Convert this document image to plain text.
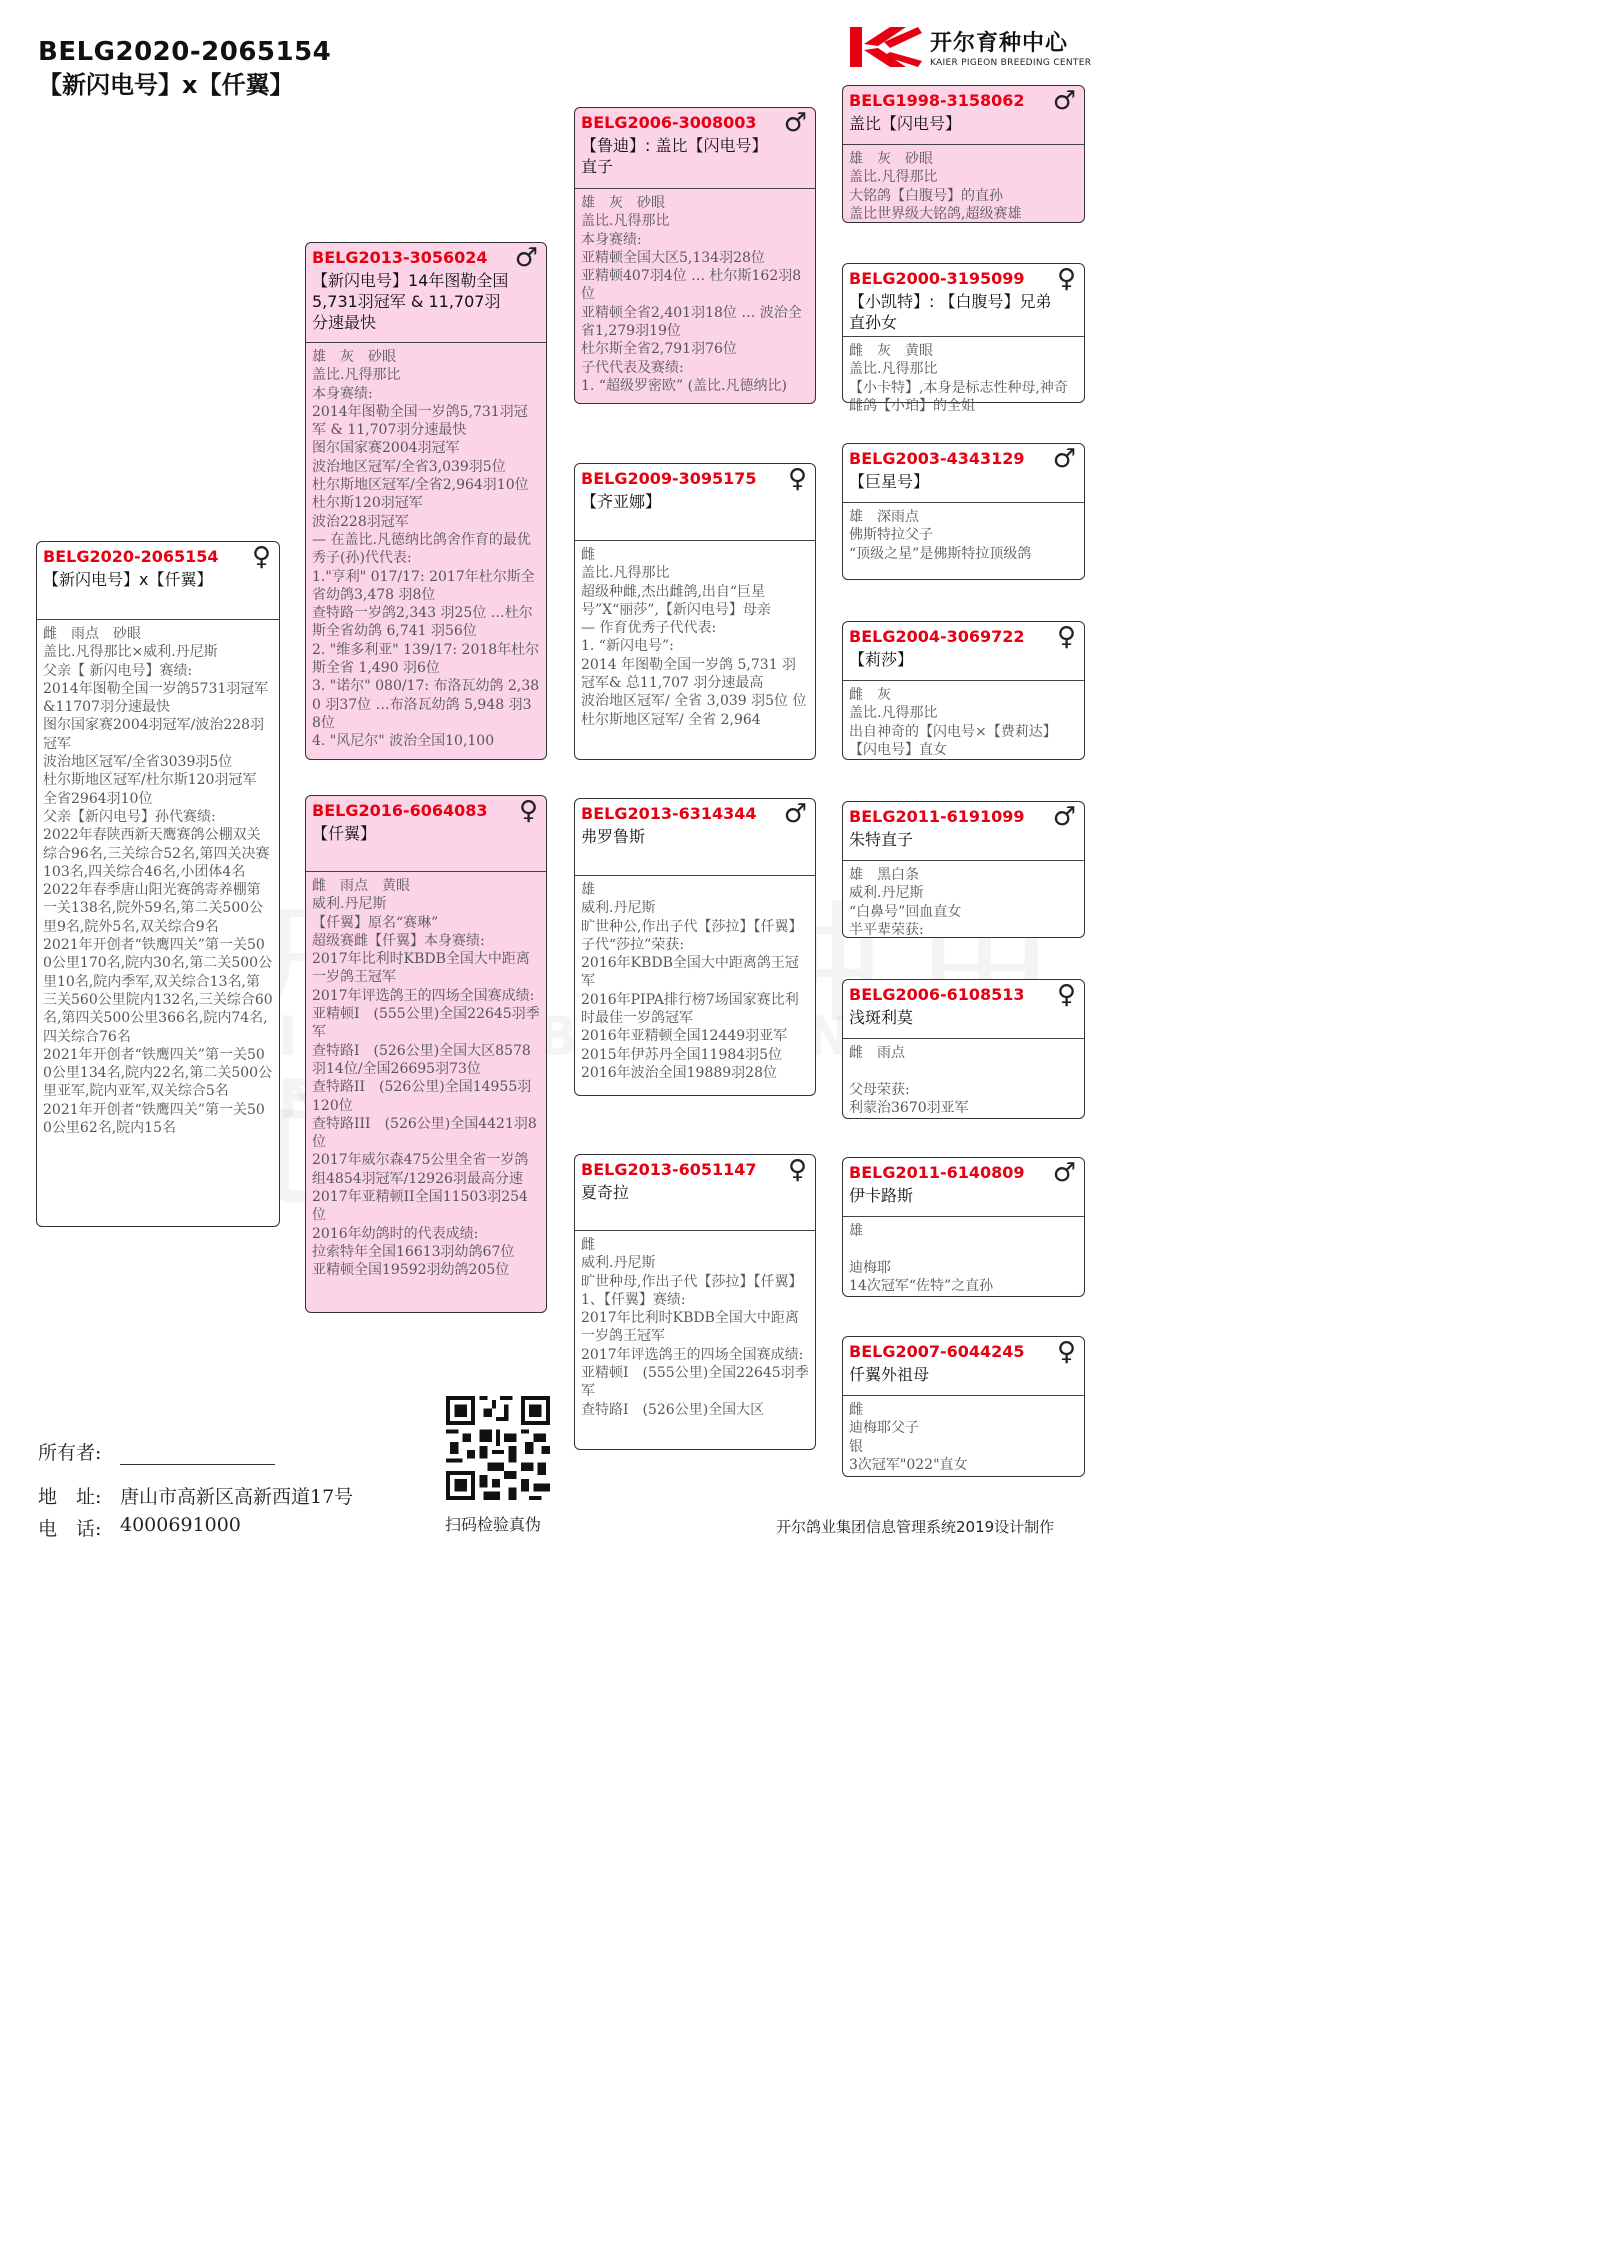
BELG2020-2065154
【新闪电号】x【仟翼】
开尔育种中心
KAIER PIGEON BREEDING CENTER
BELG2020-2065154	♀
【新闪电号】x【仟翼】
雌　雨点　砂眼
盖比.凡得那比×威利.丹尼斯
父亲【 新闪电号】赛绩:
2014年图勒全国一岁鸽5731羽冠军&11707羽分速最快
图尔国家赛2004羽冠军/波治228羽冠军
波治地区冠军/全省3039羽5位
杜尔斯地区冠军/杜尔斯120羽冠军
全省2964羽10位
父亲【新闪电号】孙代赛绩:
2022年春陕西新天鹰赛鸽公棚双关综合96名,三关综合52名,第四关决赛103名,四关综合46名,小团体4名
2022年春季唐山阳光赛鸽寄养棚第一关138名,院外59名,第二关500公里9名,院外5名,双关综合9名
2021年开创者“铁鹰四关”第一关500公里170名,院内30名,第二关500公里10名,院内季军,双关综合13名,第三关560公里院内132名,三关综合60名,第四关500公里366名,院内74名,四关综合76名
2021年开创者“铁鹰四关”第一关500公里134名,院内22名,第二关500公里亚军,院内亚军,双关综合5名
2021年开创者“铁鹰四关”第一关500公里62名,院内15名
BELG2013-3056024	♂
【新闪电号】14年图勒全国5,731羽冠军 & 11,707羽分速最快
雄　灰　砂眼
盖比.凡得那比
本身赛绩:
2014年图勒全国一岁鸽5,731羽冠军 & 11,707羽分速最快
图尔国家赛2004羽冠军
波治地区冠军/全省3,039羽5位
杜尔斯地区冠军/全省2,964羽10位
杜尔斯120羽冠军
波治228羽冠军
— 在盖比.凡德纳比鸽舍作育的最优秀子(孙)代代表:
1."亨利" 017/17: 2017年杜尔斯全省幼鸽3,478 羽8位
查特路一岁鸽2,343 羽25位 …杜尔斯全省幼鸽 6,741 羽56位
2. "维多利亚" 139/17: 2018年杜尔斯全省 1,490 羽6位
3. "诺尔" 080/17: 布洛瓦幼鸽 2,380 羽37位 …布洛瓦幼鸽 5,948 羽38位
4. "风尼尔" 波治全国10,100
BELG2016-6064083	♀
【仟翼】
雌　雨点　黄眼
威利.丹尼斯
【仟翼】原名“赛琳”
超级赛雌【仟翼】本身赛绩:
2017年比利时KBDB全国大中距离一岁鸽王冠军
2017年评选鸽王的四场全国赛成绩:
亚精顿I　(555公里)全国22645羽季军
查特路I　(526公里)全国大区8578羽14位/全国26695羽73位
查特路II　(526公里)全国14955羽120位
查特路III　(526公里)全国4421羽8位
2017年威尔森475公里全省一岁鸽组4854羽冠军/12926羽最高分速
2017年亚精顿II全国11503羽254位
2016年幼鸽时的代表成绩:
拉索特年全国16613羽幼鸽67位
亚精顿全国19592羽幼鸽205位
BELG2006-3008003	♂
【鲁迪】: 盖比【闪电号】直子
雄　灰　砂眼
盖比.凡得那比
本身赛绩:
亚精顿全国大区5,134羽28位
亚精顿407羽4位 … 杜尔斯162羽8位
亚精顿全省2,401羽18位 … 波治全省1,279羽19位
杜尔斯全省2,791羽76位
子代代表及赛绩:
1. “超级罗密欧” (盖比.凡德纳比)
BELG2009-3095175	♀
【齐亚娜】
雌
盖比.凡得那比
超级种雌,杰出雌鸽,出自“巨星号”X“丽莎”,【新闪电号】母亲
— 作育优秀子代代表:
1. “新闪电号”:
2014 年图勒全国一岁鸽 5,731 羽冠军& 总11,707 羽分速最高
波治地区冠军/ 全省 3,039 羽5位 位
杜尔斯地区冠军/ 全省 2,964
BELG2013-6314344	♂
弗罗鲁斯
雄
威利.丹尼斯
旷世种公,作出子代【莎拉】【仟翼】
子代“莎拉”荣获:
2016年KBDB全国大中距离鸽王冠军
2016年PIPA排行榜7场国家赛比利时最佳一岁鸽冠军
2016年亚精顿全国12449羽亚军
2015年伊苏丹全国11984羽5位
2016年波治全国19889羽28位
BELG2013-6051147	♀
夏奇拉
雌
威利.丹尼斯
旷世种母,作出子代【莎拉】【仟翼】
1、【仟翼】赛绩:
2017年比利时KBDB全国大中距离一岁鸽王冠军
2017年评选鸽王的四场全国赛成绩:
亚精顿I　(555公里)全国22645羽季军
查特路I　(526公里)全国大区
BELG1998-3158062	♂
盖比【闪电号】
雄　灰　砂眼
盖比.凡得那比
大铭鸽【白腹号】的直孙
盖比世界级大铭鸽,超级赛雄
BELG2000-3195099	♀
【小凯特】: 【白腹号】兄弟直孙女
雌　灰　黄眼
盖比.凡得那比
【小卡特】,本身是标志性种母,神奇雌鸽【小珀】的全姐
BELG2003-4343129	♂
【巨星号】
雄　深雨点
佛斯特拉父子
“顶级之星”是佛斯特拉顶级鸽
BELG2004-3069722	♀
【莉莎】
雌　灰
盖比.凡得那比
出自神奇的【闪电号×【费莉达】 【闪电号】直女
BELG2011-6191099	♂
朱特直子
雄　黑白条
威利.丹尼斯
“白鼻号”回血直女
半平辈荣获:
BELG2006-6108513	♀
浅斑利莫
雌　雨点

父母荣获:
利蒙治3670羽亚军
BELG2011-6140809	♂
伊卡路斯
雄

迪梅耶
14次冠军“佐特”之直孙
BELG2007-6044245	♀
仟翼外祖母
雌
迪梅耶父子
银
3次冠军"022"直女
所有者:
地　址: 唐山市高新区高新西道17号
电　话: 4000691000	扫码检验真伪	开尔鸽业集团信息管理系统2019设计制作
